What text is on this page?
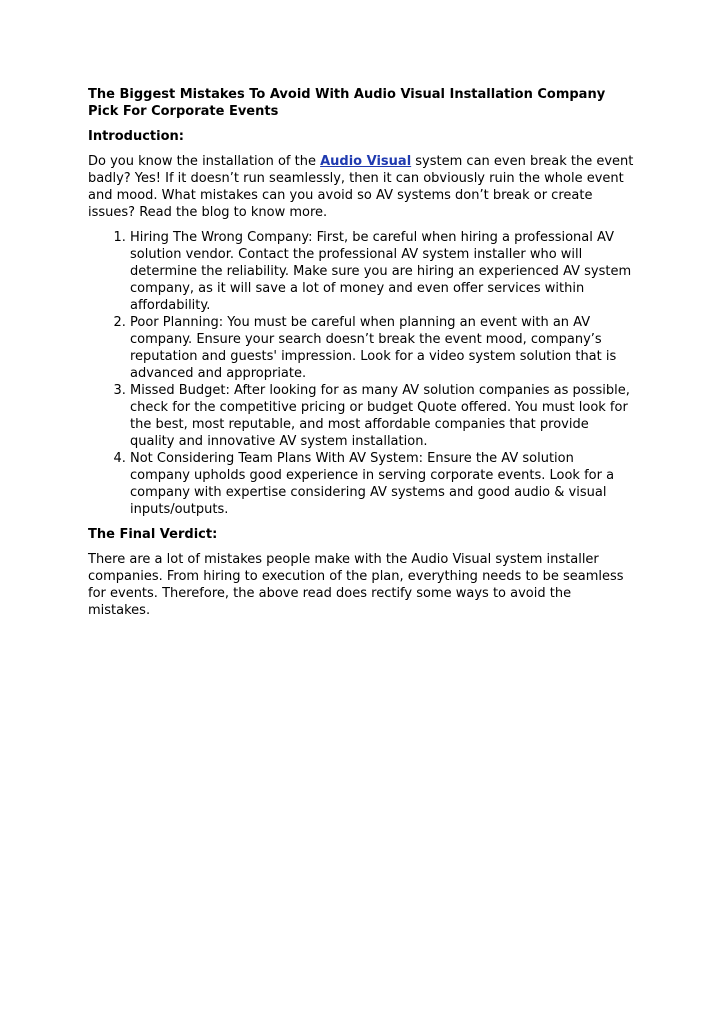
The Biggest Mistakes To Avoid With Audio Visual Installation Company Pick For Corporate Events
Introduction:

Do you know the installation of the Audio Visual system can even break the event badly? Yes! If it doesn’t run seamlessly, then it can obviously ruin the whole event and mood. What mistakes can you avoid so AV systems don’t break or create issues? Read the blog to know more.

1. Hiring The Wrong Company: First, be careful when hiring a professional AV solution vendor. Contact the professional AV system installer who will determine the reliability. Make sure you are hiring an experienced AV system company, as it will save a lot of money and even offer services within affordability.
2. Poor Planning: You must be careful when planning an event with an AV company. Ensure your search doesn’t break the event mood, company’s reputation and guests' impression. Look for a video system solution that is advanced and appropriate.
3. Missed Budget: After looking for as many AV solution companies as possible, check for the competitive pricing or budget Quote offered. You must look for the best, most reputable, and most affordable companies that provide quality and innovative AV system installation.
4. Not Considering Team Plans With AV System: Ensure the AV solution company upholds good experience in serving corporate events. Look for a company with expertise considering AV systems and good audio & visual inputs/outputs.
The Final Verdict:

There are a lot of mistakes people make with the Audio Visual system installer companies. From hiring to execution of the plan, everything needs to be seamless for events. Therefore, the above read does rectify some ways to avoid the mistakes.
